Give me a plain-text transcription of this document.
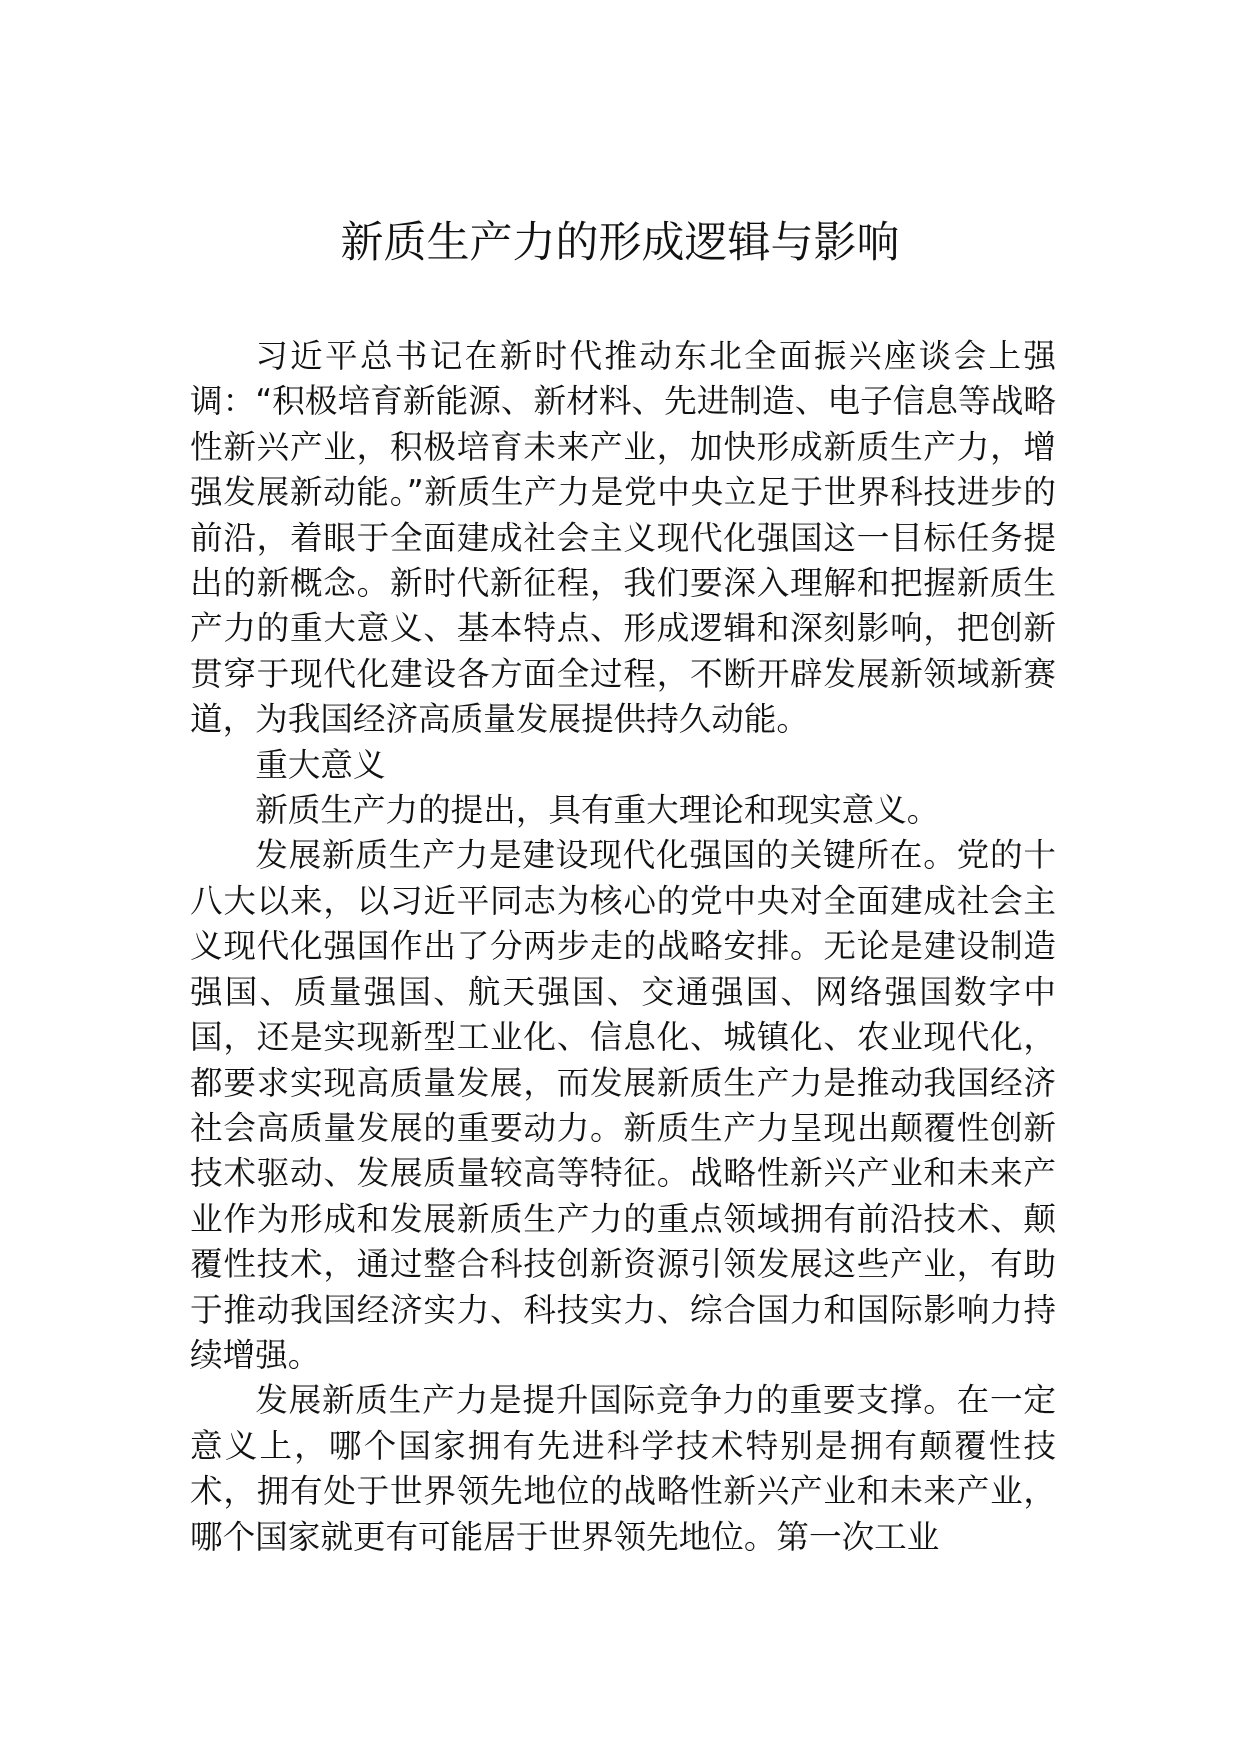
新质生产力的形成逻辑与影响

习近平总书记在新时代推动东北全面振兴座谈会上强调：“积极培育新能源、新材料、先进制造、电子信息等战略性新兴产业，积极培育未来产业，加快形成新质生产力，增强发展新动能。”新质生产力是党中央立足于世界科技进步的前沿，着眼于全面建成社会主义现代化强国这一目标任务提出的新概念。新时代新征程，我们要深入理解和把握新质生产力的重大意义、基本特点、形成逻辑和深刻影响，把创新贯穿于现代化建设各方面全过程，不断开辟发展新领域新赛道，为我国经济高质量发展提供持久动能。

重大意义

新质生产力的提出，具有重大理论和现实意义。

发展新质生产力是建设现代化强国的关键所在。党的十八大以来，以习近平同志为核心的党中央对全面建成社会主义现代化强国作出了分两步走的战略安排。无论是建设制造强国、质量强国、航天强国、交通强国、网络强国数字中国，还是实现新型工业化、信息化、城镇化、农业现代化，都要求实现高质量发展，而发展新质生产力是推动我国经济社会高质量发展的重要动力。新质生产力呈现出颠覆性创新技术驱动、发展质量较高等特征。战略性新兴产业和未来产业作为形成和发展新质生产力的重点领域拥有前沿技术、颠覆性技术，通过整合科技创新资源引领发展这些产业，有助于推动我国经济实力、科技实力、综合国力和国际影响力持续增强。

发展新质生产力是提升国际竞争力的重要支撑。在一定意义上，哪个国家拥有先进科学技术特别是拥有颠覆性技术，拥有处于世界领先地位的战略性新兴产业和未来产业，哪个国家就更有可能居于世界领先地位。第一次工业
